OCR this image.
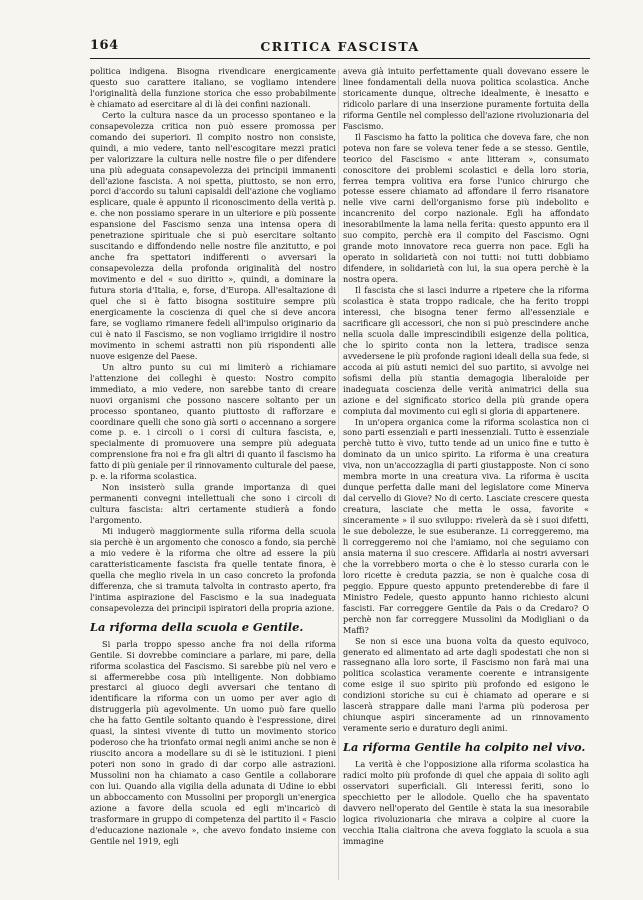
164	CRITICA FASCISTA

politica indigena. Bisogna rivendicare energicamente questo suo carattere italiano, se vogliamo intendere l'originalità della funzione storica che esso probabilmente è chiamato ad esercitare al di là dei confini nazionali.

Certo la cultura nasce da un processo spontaneo e la consapevolezza critica non può essere promossa per comando dei superiori. Il compito nostro non consiste, quindi, a mio vedere, tanto nell'escogitare mezzi pratici per valorizzare la cultura nelle nostre file o per difendere una più adeguata consapevolezza dei principii immanenti dell'azione fascista. A noi spetta, piuttosto, se non erro, porci d'accordo su taluni capisaldi dell'azione che vogliamo esplicare, quale è appunto il riconoscimento della verità p. e. che non possiamo sperare in un ulteriore e più possente espansione del Fascismo senza una intensa opera di penetrazione spirituale che si può esercitare soltanto suscitando e diffondendo nelle nostre file anzitutto, e poi anche fra spettatori indifferenti o avversari la consapevolezza della profonda originalità del nostro movimento e del « suo diritto », quindi, a dominare la futura storia d'Italia, e, forse, d'Europa. All'esaltazione di quel che si è fatto bisogna sostituire sempre più energicamente la coscienza di quel che si deve ancora fare, se vogliamo rimanere fedeli all'impulso originario da cui è nato il Fascismo, se non vogliamo irrigidire il nostro movimento in schemi astratti non più rispondenti alle nuove esigenze del Paese.

Un altro punto su cui mi limiterò a richiamare l'attenzione dei colleghi è questo: Nostro compito immediato, a mio vedere, non sarebbe tanto di creare nuovi organismi che possono nascere soltanto per un processo spontaneo, quanto piuttosto di rafforzare e coordinare quelli che sono già sorti o accennano a sorgere come p. e. i circoli o i corsi di cultura fascista, e, specialmente di promuovere una sempre più adeguata comprensione fra noi e fra gli altri di quanto il fascismo ha fatto di più geniale per il rinnovamento culturale del paese, p. e. la riforma scolastica.

Non insisterò sulla grande importanza di quei permanenti convegni intellettuali che sono i circoli di cultura fascista: altri certamente studierà a fondo l'argomento.

Mi indugerò maggiormente sulla riforma della scuola sia perchè è un argomento che conosco a fondo, sia perchè a mio vedere è la riforma che oltre ad essere la più caratteristicamente fascista fra quelle tentate finora, è quella che meglio rivela in un caso concreto la profonda differenza, che si tramuta talvolta in contrasto aperto, fra l'intima aspirazione del Fascismo e la sua inadeguata consapevolezza dei principii ispiratori della propria azione.

La riforma della scuola e Gentile.

Si parla troppo spesso anche fra noi della riforma Gentile. Si dovrebbe cominciare a parlare, mi pare, della riforma scolastica del Fascismo. Si sarebbe più nel vero e si affermerebbe cosa più intelligente. Non dobbiamo prestarci al giuoco degli avversari che tentano di identificare la riforma con un uomo per aver agio di distruggerla più agevolmente. Un uomo può fare quello che ha fatto Gentile soltanto quando è l'espressione, direi quasi, la sintesi vivente di tutto un movimento storico poderoso che ha trionfato ormai negli animi anche se non è riuscito ancora a modellare su di sè le istituzioni. I pieni poteri non sono in grado di dar corpo alle astrazioni. Mussolini non ha chiamato a caso Gentile a collaborare con lui. Quando alla vigilia della adunata di Udine io ebbi un abboccamento con Mussolini per proporgli un'energica azione a favore della scuola ed egli m'incaricò di trasformare in gruppo di competenza del partito il « Fascio d'educazione nazionale », che avevo fondato insieme con Gentile nel 1919, egli

aveva già intuito perfettamente quali dovevano essere le linee fondamentali della nuova politica scolastica. Anche storicamente dunque, oltreche idealmente, è inesatto e ridicolo parlare di una inserzione puramente fortuita della riforma Gentile nel complesso dell'azione rivoluzionaria del Fascismo.

Il Fascismo ha fatto la politica che doveva fare, che non poteva non fare se voleva tener fede a se stesso. Gentile, teorico del Fascismo « ante litteram », consumato conoscitore dei problemi scolastici e della loro storia, ferrea tempra volitiva era forse l'unico chirurgo che potesse essere chiamato ad affondare il ferro risanatore nelle vive carni dell'organismo forse più indebolito e incancrenito del corpo nazionale. Egli ha affondato inesorabilmente la lama nella ferita: questo appunto era il suo compito, perchè era il compito del Fascismo. Ogni grande moto innovatore reca guerra non pace. Egli ha operato in solidarietà con noi tutti: noi tutti dobbiamo difendere, in solidarietà con lui, la sua opera perchè è la nostra opera.

Il fascista che si lasci indurre a ripetere che la riforma scolastica è stata troppo radicale, che ha ferito troppi interessi, che bisogna tener fermo all'essenziale e sacrificare gli accessori, che non si può prescindere anche nella scuola dalle imprescindibili esigenze della politica, che lo spirito conta non la lettera, tradisce senza avvedersene le più profonde ragioni ideali della sua fede, si accoda ai più astuti nemici del suo partito, si avvolge nei sofismi della più stantia demagogia liberaloide per inadeguata coscienza delle verità animatrici della sua azione e del significato storico della più grande opera compiuta dal movimento cui egli si gloria di appartenere.

In un'opera organica come la riforma scolastica non ci sono parti essenziali e parti inessenziali. Tutto è essenziale perchè tutto è vivo, tutto tende ad un unico fine e tutto è dominato da un unico spirito. La riforma è una creatura viva, non un'accozzaglia di parti giustapposte. Non ci sono membra morte in una creatura viva. La riforma è uscita dunque perfetta dalle mani del legislatore come Minerva dal cervello di Giove? No di certo. Lasciate crescere questa creatura, lasciate che metta le ossa, favorite « sinceramente » il suo sviluppo: rivelerà da sè i suoi difetti, le sue debolezze, le sue esuberanze. Li correggeremo, ma li correggeremo noi che l'amiamo, noi che seguiamo con ansia materna il suo crescere. Affidarla ai nostri avversari che la vorrebbero morta o che è lo stesso curarla con le loro ricette è creduta pazzia, se non è qualche cosa di peggio. Eppure questo appunto pretenderebbe di fare il Ministro Fedele, questo appunto hanno richiesto alcuni fascisti. Far correggere Gentile da Pais o da Credaro? O perchè non far correggere Mussolini da Modigliani o da Maffi?

Se non si esce una buona volta da questo equivoco, generato ed alimentato ad arte dagli spodestati che non si rassegnano alla loro sorte, il Fascismo non farà mai una politica scolastica veramente coerente e intransigente come esige il suo spirito più profondo ed esigono le condizioni storiche su cui è chiamato ad operare e si lascerà strappare dalle mani l'arma più poderosa per chiunque aspiri sinceramente ad un rinnovamento veramente serio e duraturo degli animi.

La riforma Gentile ha colpito nel vivo.

La verità è che l'opposizione alla riforma scolastica ha radici molto più profonde di quel che appaia di solito agli osservatori superficiali. Gli interessi feriti, sono lo specchietto per le allodole. Quello che ha spaventato davvero nell'operato del Gentile è stata la sua inesorabile logica rivoluzionaria che mirava a colpire al cuore la vecchia Italia cialtrona che aveva foggiato la scuola a sua immagine
